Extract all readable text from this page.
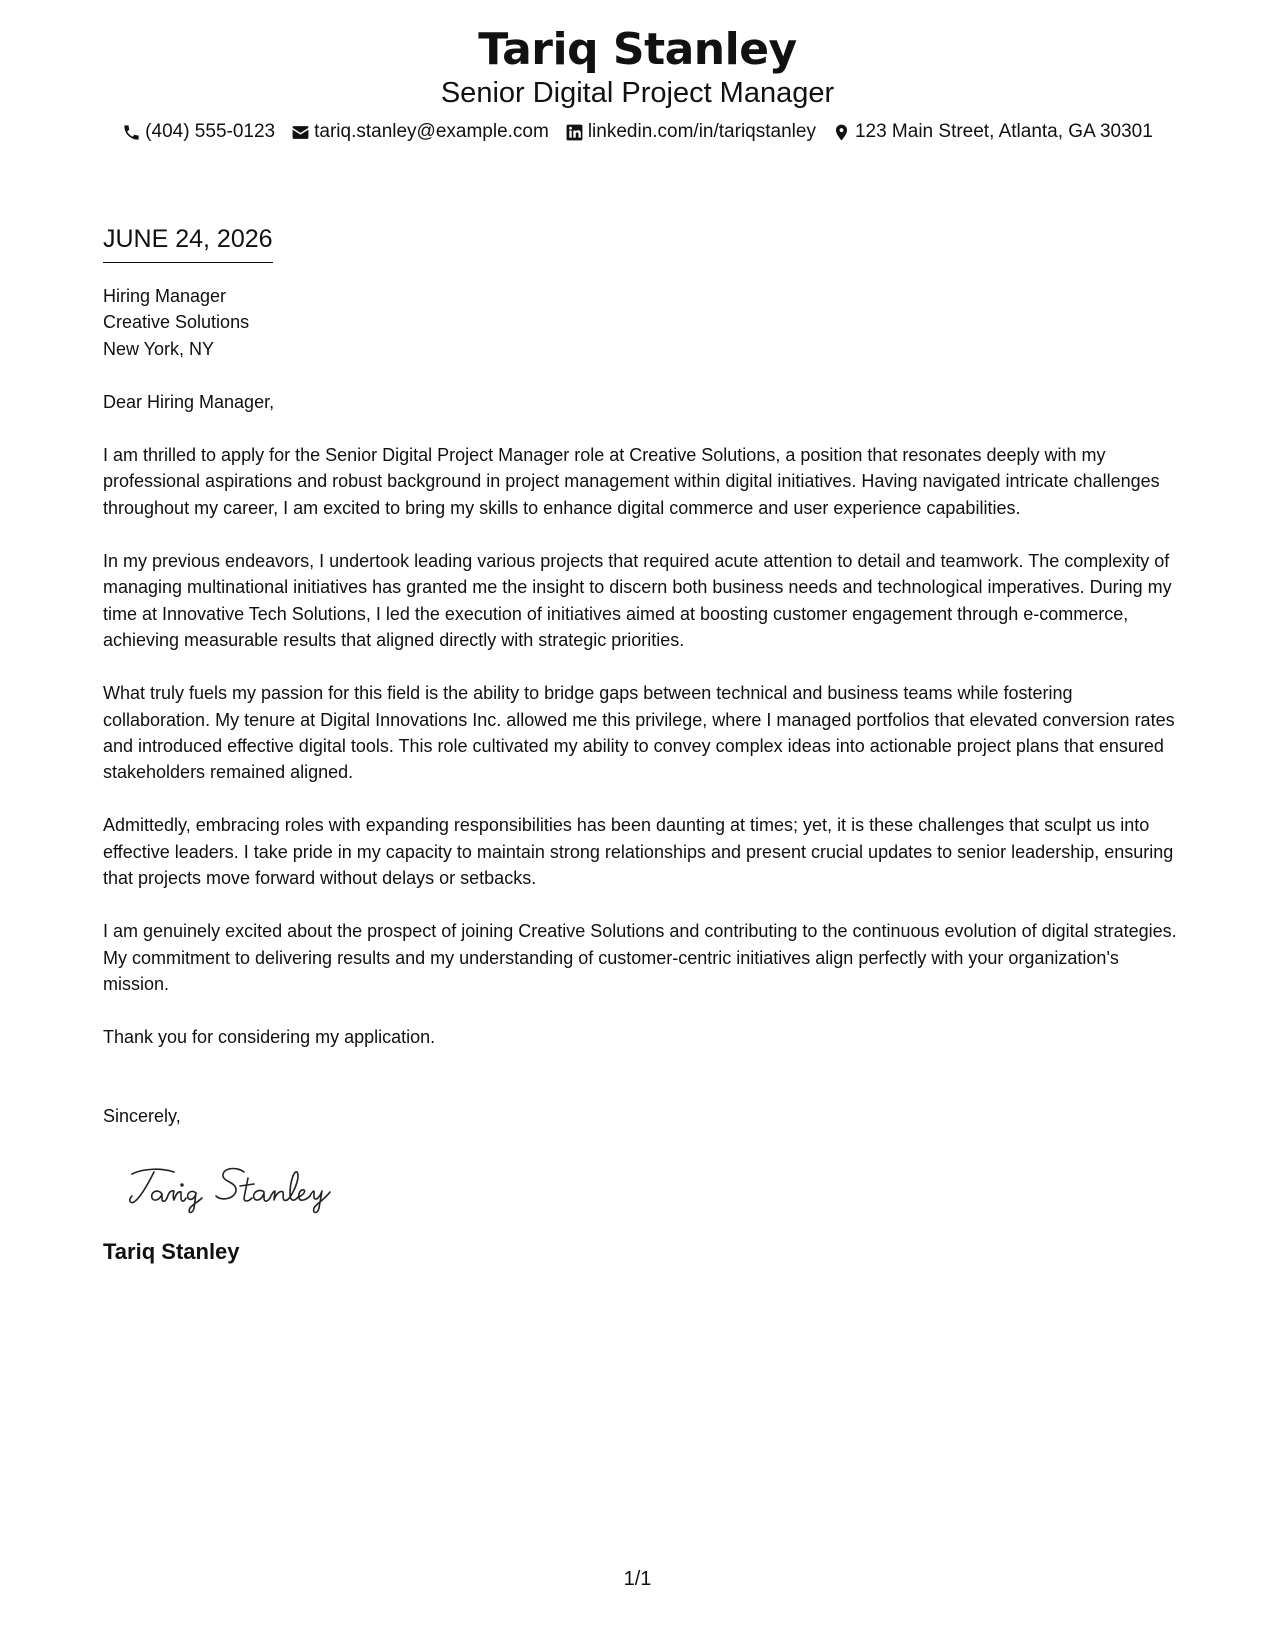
Tariq Stanley
Senior Digital Project Manager
(404) 555-0123 tariq.stanley@example.com linkedin.com/in/tariqstanley 123 Main Street, Atlanta, GA 30301
JUNE 24, 2026
Hiring Manager
Creative Solutions
New York, NY
Dear Hiring Manager,
I am thrilled to apply for the Senior Digital Project Manager role at Creative Solutions, a position that resonates deeply with my professional aspirations and robust background in project management within digital initiatives. Having navigated intricate challenges throughout my career, I am excited to bring my skills to enhance digital commerce and user experience capabilities.
In my previous endeavors, I undertook leading various projects that required acute attention to detail and teamwork. The complexity of managing multinational initiatives has granted me the insight to discern both business needs and technological imperatives. During my time at Innovative Tech Solutions, I led the execution of initiatives aimed at boosting customer engagement through e-commerce, achieving measurable results that aligned directly with strategic priorities.
What truly fuels my passion for this field is the ability to bridge gaps between technical and business teams while fostering collaboration. My tenure at Digital Innovations Inc. allowed me this privilege, where I managed portfolios that elevated conversion rates and introduced effective digital tools. This role cultivated my ability to convey complex ideas into actionable project plans that ensured stakeholders remained aligned.
Admittedly, embracing roles with expanding responsibilities has been daunting at times; yet, it is these challenges that sculpt us into effective leaders. I take pride in my capacity to maintain strong relationships and present crucial updates to senior leadership, ensuring that projects move forward without delays or setbacks.
I am genuinely excited about the prospect of joining Creative Solutions and contributing to the continuous evolution of digital strategies. My commitment to delivering results and my understanding of customer-centric initiatives align perfectly with your organization's mission.
Thank you for considering my application.
Sincerely,
Tariq Stanley
1/1
